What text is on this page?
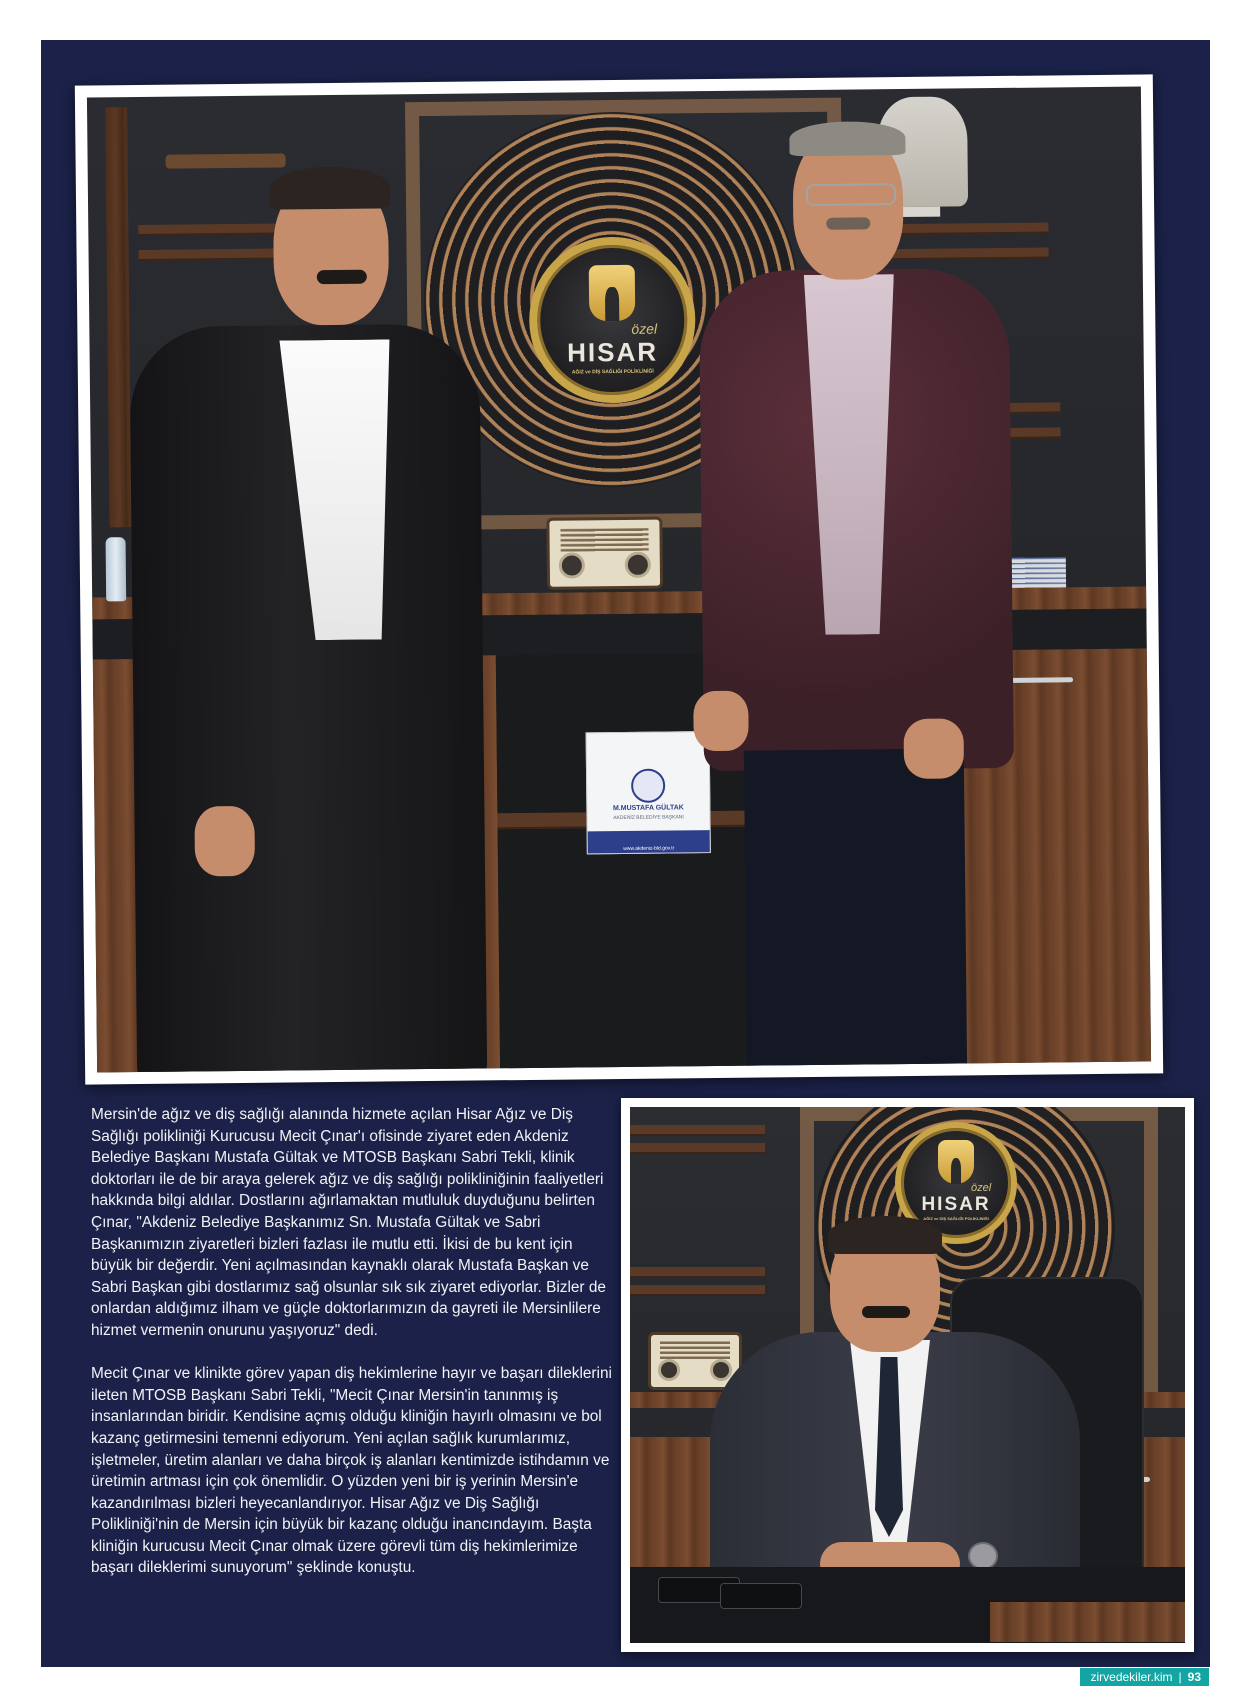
özel
HISAR
AĞIZ ve DİŞ SAĞLIĞI POLİKLİNİĞİ
M.MUSTAFA GÜLTAK
AKDENİZ BELEDİYE BAŞKANI
www.akdeniz-bld.gov.tr

Mersin'de ağız ve diş sağlığı alanında hizmete açılan Hisar Ağız ve Diş Sağlığı polikliniği Kurucusu Mecit Çınar'ı ofisinde ziyaret eden Akdeniz Belediye Başkanı Mustafa Gültak ve MTOSB Başkanı Sabri Tekli, klinik doktorları ile de bir araya gelerek ağız ve diş sağlığı polikliniğinin faaliyetleri hakkında bilgi aldılar. Dostlarını ağırlamaktan mutluluk duyduğunu belirten Çınar, "Akdeniz Belediye Başkanımız Sn. Mustafa Gültak ve Sabri Başkanımızın ziyaretleri bizleri fazlası ile mutlu etti. İkisi de bu kent için büyük bir değerdir. Yeni açılmasından kaynaklı olarak Mustafa Başkan ve Sabri Başkan gibi dostlarımız sağ olsunlar sık sık ziyaret ediyorlar. Bizler de onlardan aldığımız ilham ve güçle doktorlarımızın da gayreti ile Mersinlilere hizmet vermenin onurunu yaşıyoruz" dedi.

Mecit Çınar ve klinikte görev yapan diş hekimlerine hayır ve başarı dileklerini ileten MTOSB Başkanı Sabri Tekli, "Mecit Çınar Mersin'in tanınmış iş insanlarından biridir. Kendisine açmış olduğu kliniğin hayırlı olmasını ve bol kazanç getirmesini temenni ediyorum. Yeni açılan sağlık kurumlarımız, işletmeler, üretim alanları ve daha birçok iş alanları kentimizde istihdamın ve üretimin artması için çok önemlidir. O yüzden yeni bir iş yerinin Mersin'e kazandırılması bizleri heyecanlandırıyor. Hisar Ağız ve Diş Sağlığı Polikliniği'nin de Mersin için büyük bir kazanç olduğu inancındayım. Başta kliniğin kurucusu Mecit Çınar olmak üzere görevli tüm diş hekimlerimize başarı dileklerimi sunuyorum" şeklinde konuştu.

özel
HISAR
AĞIZ ve DİŞ SAĞLIĞI POLİKLİNİĞİ
zirvedekiler.kim | 93
